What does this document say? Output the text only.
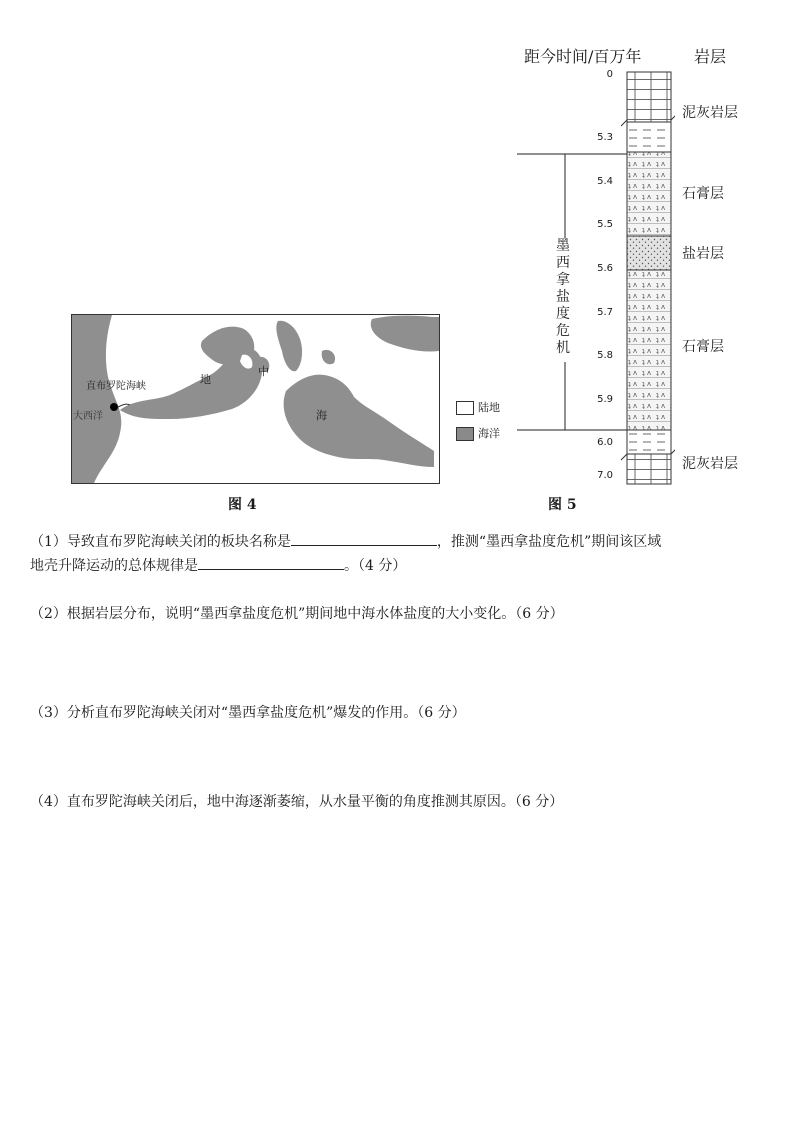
直布罗陀海峡
大西洋
地
中
海
陆地
海洋
图 4
距今时间/百万年	岩层
0
5.3
5.4
5.5
5.6
5.7
5.8
5.9
6.0
7.0
墨西拿盐度危机
泥灰岩层
石膏层
盐岩层
石膏层
泥灰岩层
图 5
（1）导致直布罗陀海峡关闭的板块名称是	，推测“墨西拿盐度危机”期间该区域
地壳升降运动的总体规律是	。（4 分）
（2）根据岩层分布，说明“墨西拿盐度危机”期间地中海水体盐度的大小变化。（6 分）
（3）分析直布罗陀海峡关闭对“墨西拿盐度危机”爆发的作用。（6 分）
（4）直布罗陀海峡关闭后，地中海逐渐萎缩，从水量平衡的角度推测其原因。（6 分）
